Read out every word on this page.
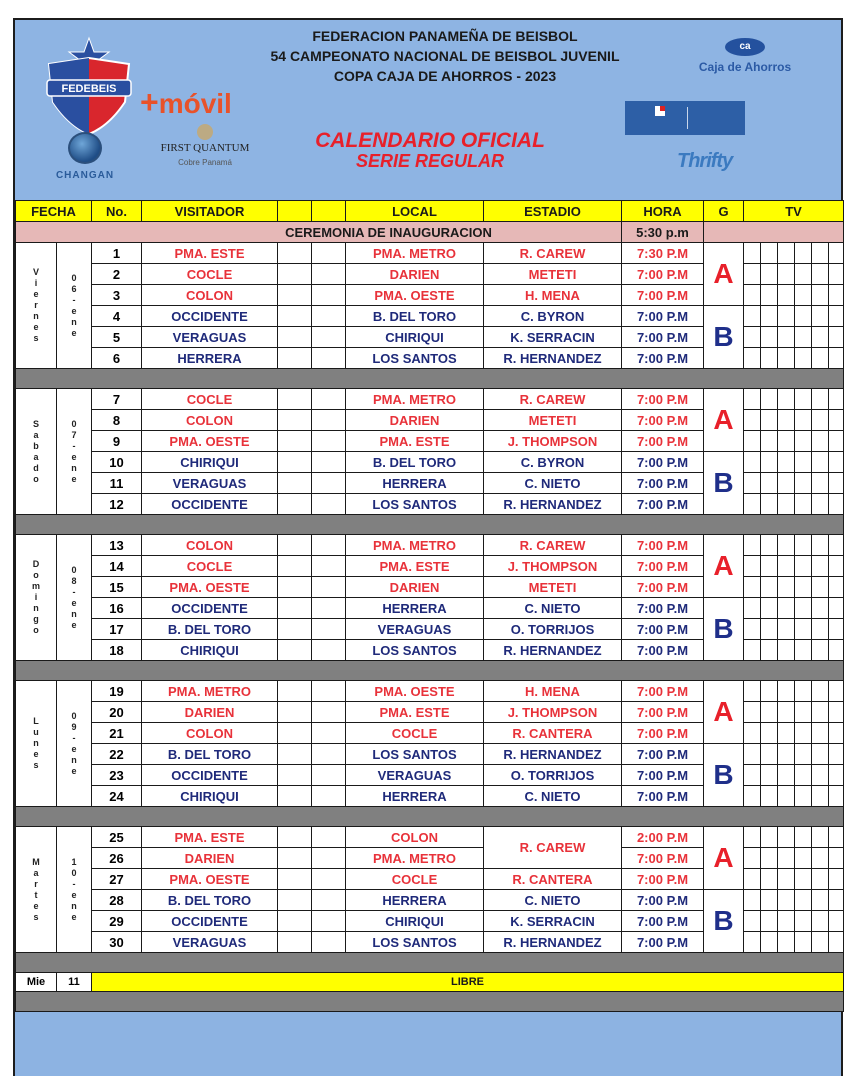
FEDEBEIS +móvil
CHANGAN
FIRST QUANTUM
Cobre Panamá
FEDERACION PANAMEÑA DE BEISBOL
54 CAMPEONATO NACIONAL DE BEISBOL JUVENIL
COPA CAJA DE AHORROS - 2023
CALENDARIO OFICIAL
SERIE REGULAR
ca
Caja de Ahorros

Thrifty
FECHA		No.	VISITADOR			LOCAL	ESTADIO	HORA	G	TV					
CEREMONIA DE INAUGURACION								5:30 p.m							
V
i
e
r
n
e
s	0
6
-
e
n
e	1	PMA. ESTE			PMA. METRO	R. CAREW	7:30 P.M	A						
		2	COCLE			DARIEN	METETI	7:00 P.M							
		3	COLON			PMA. OESTE	H. MENA	7:00 P.M							
		4	OCCIDENTE			B. DEL TORO	C. BYRON	7:00 P.M	B						
		5	VERAGUAS			CHIRIQUI	K. SERRACIN	7:00 P.M							
		6	HERRERA			LOS SANTOS	R. HERNANDEZ	7:00 P.M							

S
a
b
a
d
o	0
7
-
e
n
e	7	COCLE			PMA. METRO	R. CAREW	7:00 P.M	A						
		8	COLON			DARIEN	METETI	7:00 P.M							
		9	PMA. OESTE			PMA. ESTE	J. THOMPSON	7:00 P.M							
		10	CHIRIQUI			B. DEL TORO	C. BYRON	7:00 P.M	B						
		11	VERAGUAS			HERRERA	C. NIETO	7:00 P.M							
		12	OCCIDENTE			LOS SANTOS	R. HERNANDEZ	7:00 P.M							

D
o
m
i
n
g
o	0
8
-
e
n
e	13	COLON			PMA. METRO	R. CAREW	7:00 P.M	A						
		14	COCLE			PMA. ESTE	J. THOMPSON	7:00 P.M							
		15	PMA. OESTE			DARIEN	METETI	7:00 P.M							
		16	OCCIDENTE			HERRERA	C. NIETO	7:00 P.M	B						
		17	B. DEL TORO			VERAGUAS	O. TORRIJOS	7:00 P.M							
		18	CHIRIQUI			LOS SANTOS	R. HERNANDEZ	7:00 P.M							

L
u
n
e
s	0
9
-
e
n
e	19	PMA. METRO			PMA. OESTE	H. MENA	7:00 P.M	A						
		20	DARIEN			PMA. ESTE	J. THOMPSON	7:00 P.M							
		21	COLON			COCLE	R. CANTERA	7:00 P.M							
		22	B. DEL TORO			LOS SANTOS	R. HERNANDEZ	7:00 P.M	B						
		23	OCCIDENTE			VERAGUAS	O. TORRIJOS	7:00 P.M							
		24	CHIRIQUI			HERRERA	C. NIETO	7:00 P.M							

M
a
r
t
e
s	1
0
-
e
n
e	25	PMA. ESTE			COLON	R. CAREW	2:00 P.M	A						
		26	DARIEN			PMA. METRO		7:00 P.M							
		27	PMA. OESTE			COCLE	R. CANTERA	7:00 P.M							
		28	B. DEL TORO			HERRERA	C. NIETO	7:00 P.M	B						
		29	OCCIDENTE			CHIRIQUI	K. SERRACIN	7:00 P.M							
		30	VERAGUAS			LOS SANTOS	R. HERNANDEZ	7:00 P.M							

Mie	11	LIBRE													
